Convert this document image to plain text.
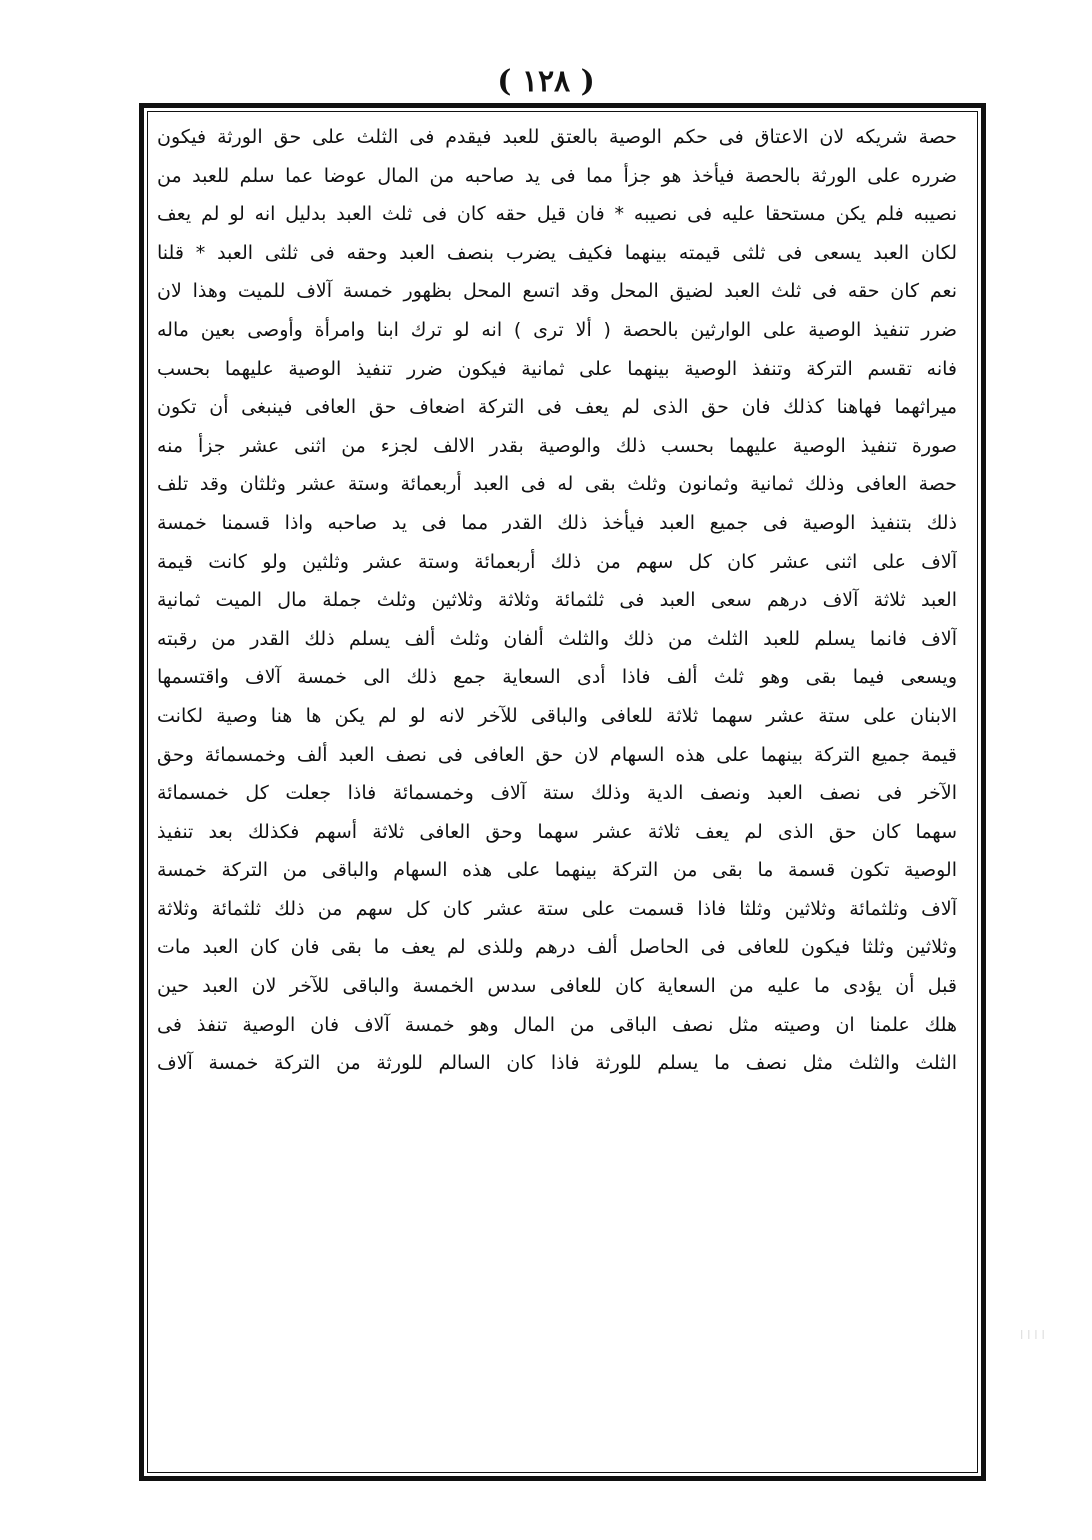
( ١٢٨ )
حصة شريكه لان الاعتاق فى حكم الوصية بالعتق للعبد فيقدم فى الثلث على حق الورثة فيكون
ضرره على الورثة بالحصة فيأخذ هو جزأ مما فى يد صاحبه من المال عوضا عما سلم للعبد من
نصيبه فلم يكن مستحقا عليه فى نصيبه * فان قيل حقه كان فى ثلث العبد بدليل انه لو لم يعف
لكان العبد يسعى فى ثلثى قيمته بينهما فكيف يضرب بنصف العبد وحقه فى ثلثى العبد * قلنا
نعم كان حقه فى ثلث العبد لضيق المحل وقد اتسع المحل بظهور خمسة آلاف للميت وهذا لان
ضرر تنفيذ الوصية على الوارثين بالحصة ( ألا ترى ) انه لو ترك ابنا وامرأة وأوصى بعين ماله
فانه تقسم التركة وتنفذ الوصية بينهما على ثمانية فيكون ضرر تنفيذ الوصية عليهما بحسب
ميراثهما فهاهنا كذلك فان حق الذى لم يعف فى التركة اضعاف حق العافى فينبغى أن تكون
صورة تنفيذ الوصية عليهما بحسب ذلك والوصية بقدر الالف لجزء من اثنى عشر جزأ منه
حصة العافى وذلك ثمانية وثمانون وثلث بقى له فى العبد أربعمائة وستة عشر وثلثان وقد تلف
ذلك بتنفيذ الوصية فى جميع العبد فيأخذ ذلك القدر مما فى يد صاحبه واذا قسمنا خمسة
آلاف على اثنى عشر كان كل سهم من ذلك أربعمائة وستة عشر وثلثين ولو كانت قيمة
العبد ثلاثة آلاف درهم سعى العبد فى ثلثمائة وثلاثة وثلاثين وثلث جملة مال الميت ثمانية
آلاف فانما يسلم للعبد الثلث من ذلك والثلث ألفان وثلث ألف يسلم ذلك القدر من رقبته
ويسعى فيما بقى وهو ثلث ألف فاذا أدى السعاية جمع ذلك الى خمسة آلاف واقتسمها
الابنان على ستة عشر سهما ثلاثة للعافى والباقى للآخر لانه لو لم يكن ها هنا وصية لكانت
قيمة جميع التركة بينهما على هذه السهام لان حق العافى فى نصف العبد ألف وخمسمائة وحق
الآخر فى نصف العبد ونصف الدية وذلك ستة آلاف وخمسمائة فاذا جعلت كل خمسمائة
سهما كان حق الذى لم يعف ثلاثة عشر سهما وحق العافى ثلاثة أسهم فكذلك بعد تنفيذ
الوصية تكون قسمة ما بقى من التركة بينهما على هذه السهام والباقى من التركة خمسة
آلاف وثلثمائة وثلاثين وثلثا فاذا قسمت على ستة عشر كان كل سهم من ذلك ثلثمائة وثلاثة
وثلاثين وثلثا فيكون للعافى فى الحاصل ألف درهم وللذى لم يعف ما بقى فان كان العبد مات
قبل أن يؤدى ما عليه من السعاية كان للعافى سدس الخمسة والباقى للآخر لان العبد حين
هلك علمنا ان وصيته مثل نصف الباقى من المال وهو خمسة آلاف فان الوصية تنفذ فى
الثلث والثلث مثل نصف ما يسلم للورثة فاذا كان السالم للورثة من التركة خمسة آلاف
ا ا ا ا
